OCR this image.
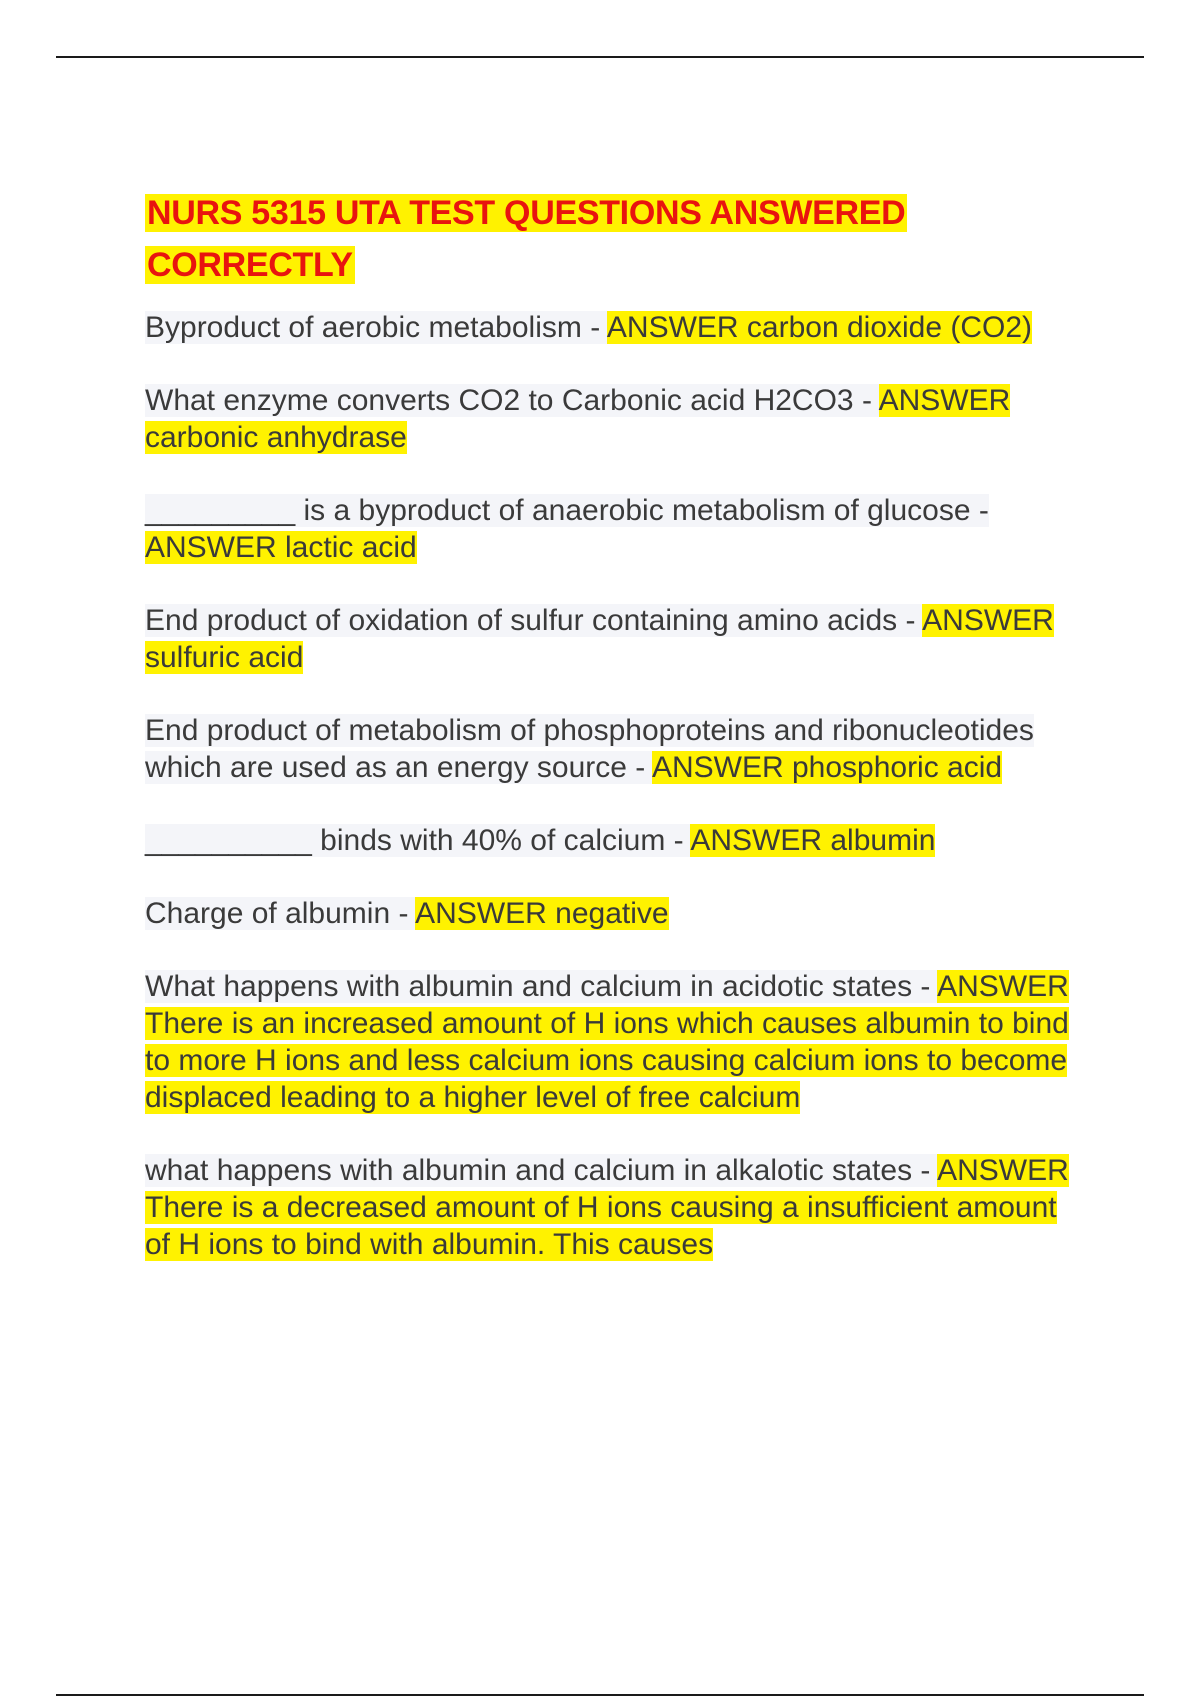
NURS 5315 UTA TEST QUESTIONS ANSWERED CORRECTLY

Byproduct of aerobic metabolism - ANSWER carbon dioxide (CO2)

What enzyme converts CO2 to Carbonic acid H2CO3 - ANSWER carbonic anhydrase

_________ is a byproduct of anaerobic metabolism of glucose - ANSWER lactic acid

End product of oxidation of sulfur containing amino acids - ANSWER sulfuric acid

End product of metabolism of phosphoproteins and ribonucleotides which are used as an energy source - ANSWER phosphoric acid

__________ binds with 40% of calcium - ANSWER albumin

Charge of albumin - ANSWER negative

What happens with albumin and calcium in acidotic states - ANSWER There is an increased amount of H ions which causes albumin to bind to more H ions and less calcium ions causing calcium ions to become displaced leading to a higher level of free calcium

what happens with albumin and calcium in alkalotic states - ANSWER There is a decreased amount of H ions causing a insufficient amount of H ions to bind with albumin. This causes
